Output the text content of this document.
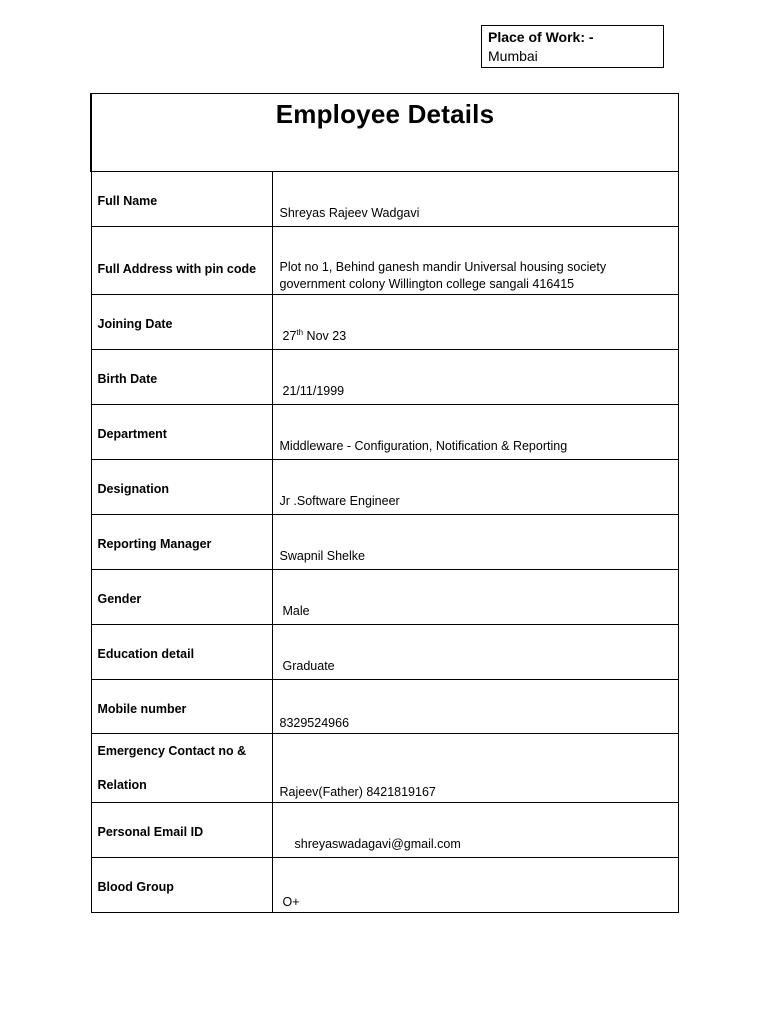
Place of Work: -
Mumbai
Employee Details	

Full Name	Shreyas Rajeev Wadgavi

Full Address with pin code	Plot no 1, Behind ganesh mandir Universal housing society government colony Willington college sangali 416415

Joining Date	27th Nov 23

Birth Date	21/11/1999

Department	Middleware - Configuration, Notification & Reporting

Designation	Jr .Software Engineer

Reporting Manager	Swapnil Shelke

Gender	Male

Education detail	Graduate

Mobile number	8329524966

Emergency Contact no &
Relation	Rajeev(Father) 8421819167

Personal Email ID	shreyaswadagavi@gmail.com

Blood Group	O+
